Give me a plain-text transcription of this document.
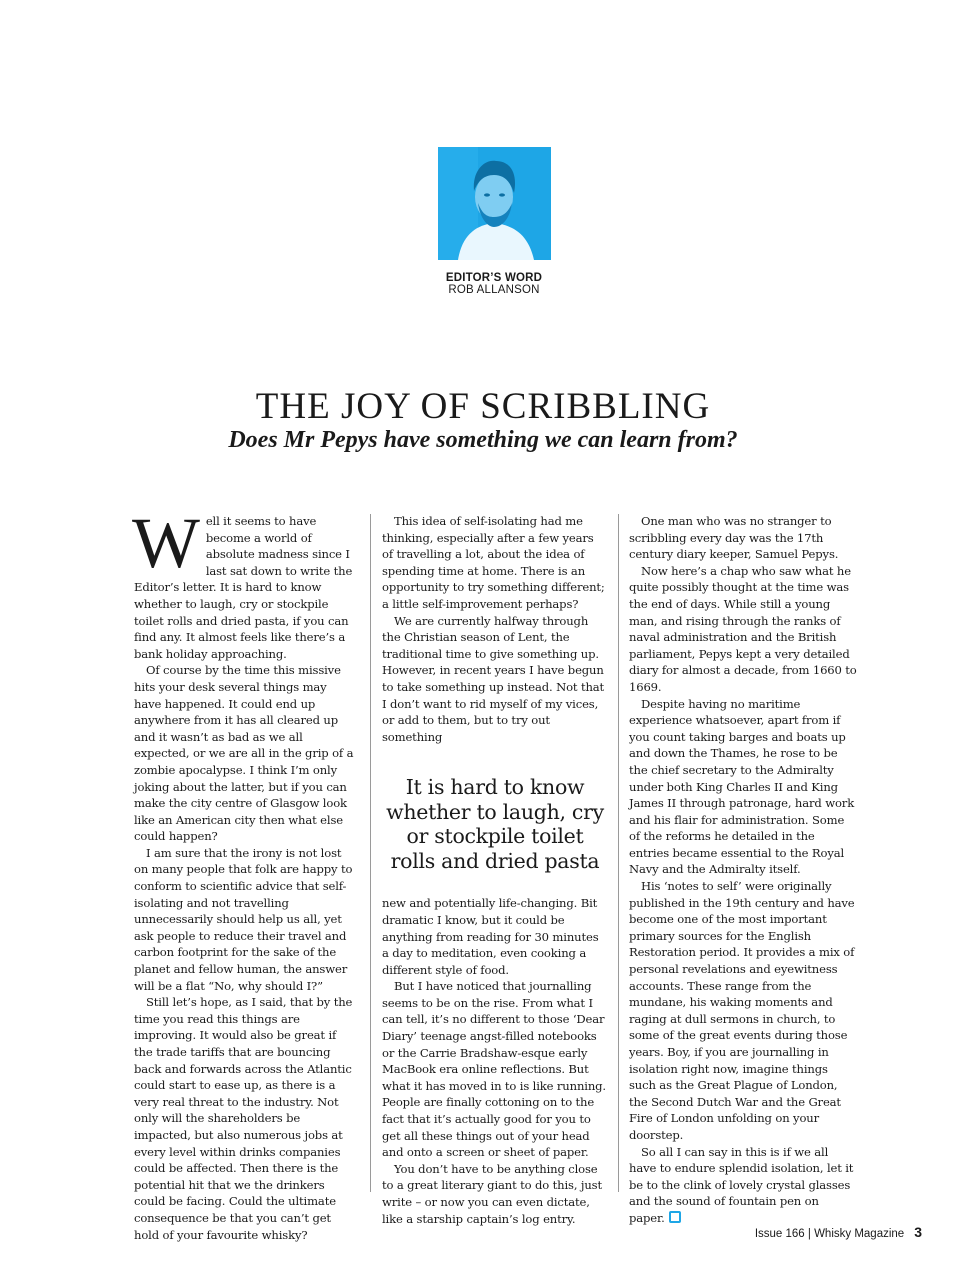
EDITOR’S WORD
ROB ALLANSON
THE JOY OF SCRIBBLING
Does Mr Pepys have something we can learn from?

Well it seems to have become a world of absolute madness since I last sat down to write the Editor’s letter. It is hard to know whether to laugh, cry or stockpile toilet rolls and dried pasta, if you can find any. It almost feels like there’s a bank holiday approaching.

Of course by the time this missive hits your desk several things may have happened. It could end up anywhere from it has all cleared up and it wasn’t as bad as we all expected, or we are all in the grip of a zombie apocalypse. I think I’m only joking about the latter, but if you can make the city centre of Glasgow look like an American city then what else could happen?

I am sure that the irony is not lost on many people that folk are happy to conform to scientific advice that self-isolating and not travelling unnecessarily should help us all, yet ask people to reduce their travel and carbon footprint for the sake of the planet and fellow human, the answer will be a flat “No, why should I?”

Still let’s hope, as I said, that by the time you read this things are improving. It would also be great if the trade tariffs that are bouncing back and forwards across the Atlantic could start to ease up, as there is a very real threat to the industry. Not only will the shareholders be impacted, but also numerous jobs at every level within drinks companies could be affected. Then there is the potential hit that we the drinkers could be facing. Could the ultimate consequence be that you can’t get hold of your favourite whisky?

This idea of self-isolating had me thinking, especially after a few years of travelling a lot, about the idea of spending time at home. There is an opportunity to try something different; a little self-improvement perhaps?

We are currently halfway through the Christian season of Lent, the traditional time to give something up. However, in recent years I have begun to take something up instead. Not that I don’t want to rid myself of my vices, or add to them, but to try out something

It is hard to know whether to laugh, cry or stockpile toilet rolls and dried pasta

new and potentially life-changing. Bit dramatic I know, but it could be anything from reading for 30 minutes a day to meditation, even cooking a different style of food.

But I have noticed that journalling seems to be on the rise. From what I can tell, it’s no different to those ‘Dear Diary’ teenage angst-filled notebooks or the Carrie Bradshaw-esque early MacBook era online reflections. But what it has moved in to is like running. People are finally cottoning on to the fact that it’s actually good for you to get all these things out of your head and onto a screen or sheet of paper.

You don’t have to be anything close to a great literary giant to do this, just write – or now you can even dictate, like a starship captain’s log entry.

One man who was no stranger to scribbling every day was the 17th century diary keeper, Samuel Pepys.

Now here’s a chap who saw what he quite possibly thought at the time was the end of days. While still a young man, and rising through the ranks of naval administration and the British parliament, Pepys kept a very detailed diary for almost a decade, from 1660 to 1669.

Despite having no maritime experience whatsoever, apart from if you count taking barges and boats up and down the Thames, he rose to be the chief secretary to the Admiralty under both King Charles II and King James II through patronage, hard work and his flair for administration. Some of the reforms he detailed in the entries became essential to the Royal Navy and the Admiralty itself.

His ‘notes to self’ were originally published in the 19th century and have become one of the most important primary sources for the English Restoration period. It provides a mix of personal revelations and eyewitness accounts. These range from the mundane, his waking moments and raging at dull sermons in church, to some of the great events during those years. Boy, if you are journalling in isolation right now, imagine things such as the Great Plague of London, the Second Dutch War and the Great Fire of London unfolding on your doorstep.

So all I can say in this is if we all have to endure splendid isolation, let it be to the clink of lovely crystal glasses and the sound of fountain pen on paper.

Issue 166 | Whisky Magazine 3
